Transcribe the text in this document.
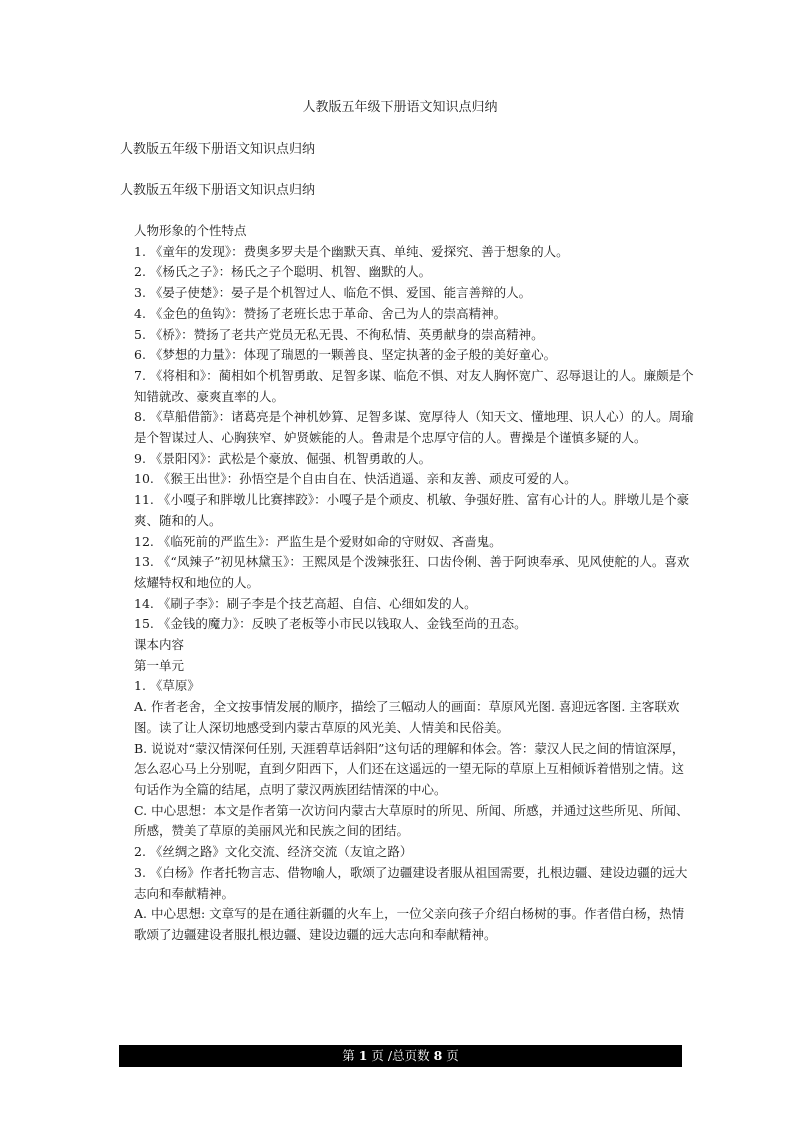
人教版五年级下册语文知识点归纳
人教版五年级下册语文知识点归纳
人教版五年级下册语文知识点归纳

人物形象的个性特点

1. 《童年的发现》：费奥多罗夫是个幽默天真、单纯、爱探究、善于想象的人。

2. 《杨氏之子》：杨氏之子个聪明、机智、幽默的人。

3. 《晏子使楚》：晏子是个机智过人、临危不惧、爱国、能言善辩的人。

4. 《金色的鱼钩》：赞扬了老班长忠于革命、舍己为人的崇高精神。

5. 《桥》：赞扬了老共产党员无私无畏、不徇私情、英勇献身的崇高精神。

6. 《梦想的力量》：体现了瑞恩的一颗善良、坚定执著的金子般的美好童心。

7. 《将相和》：蔺相如个机智勇敢、足智多谋、临危不惧、对友人胸怀宽广、忍辱退让的人。廉颇是个知错就改、豪爽直率的人。

8. 《草船借箭》：诸葛亮是个神机妙算、足智多谋、宽厚待人（知天文、懂地理、识人心）的人。周瑜是个智谋过人、心胸狭窄、妒贤嫉能的人。鲁肃是个忠厚守信的人。曹操是个谨慎多疑的人。

9. 《景阳冈》：武松是个豪放、倔强、机智勇敢的人。

10. 《猴王出世》：孙悟空是个自由自在、快活逍遥、亲和友善、顽皮可爱的人。

11. 《小嘎子和胖墩儿比赛摔跤》：小嘎子是个顽皮、机敏、争强好胜、富有心计的人。胖墩儿是个豪爽、随和的人。

12. 《临死前的严监生》：严监生是个爱财如命的守财奴、吝啬鬼。

13. 《“凤辣子”初见林黛玉》：王熙凤是个泼辣张狂、口齿伶俐、善于阿谀奉承、见风使舵的人。喜欢炫耀特权和地位的人。

14. 《刷子李》：刷子李是个技艺高超、自信、心细如发的人。

15. 《金钱的魔力》：反映了老板等小市民以钱取人、金钱至尚的丑态。

课本内容

第一单元

1. 《草原》

A. 作者老舍，全文按事情发展的顺序，描绘了三幅动人的画面：草原风光图. 喜迎远客图. 主客联欢图。读了让人深切地感受到内蒙古草原的风光美、人情美和民俗美。

B. 说说对“蒙汉情深何任别, 天涯碧草话斜阳”这句话的理解和体会。答：蒙汉人民之间的情谊深厚，怎么忍心马上分别呢，直到夕阳西下，人们还在这遥远的一望无际的草原上互相倾诉着惜别之情。这句话作为全篇的结尾，点明了蒙汉两族团结情深的中心。

C. 中心思想：本文是作者第一次访问内蒙古大草原时的所见、所闻、所感，并通过这些所见、所闻、所感，赞美了草原的美丽风光和民族之间的团结。

2. 《丝绸之路》文化交流、经济交流（友谊之路）

3. 《白杨》作者托物言志、借物喻人，歌颂了边疆建设者服从祖国需要，扎根边疆、建设边疆的远大志向和奉献精神。

A. 中心思想: 文章写的是在通往新疆的火车上，一位父亲向孩子介绍白杨树的事。作者借白杨，热情歌颂了边疆建设者服扎根边疆、建设边疆的远大志向和奉献精神。

第 1 页 /总页数 8 页
